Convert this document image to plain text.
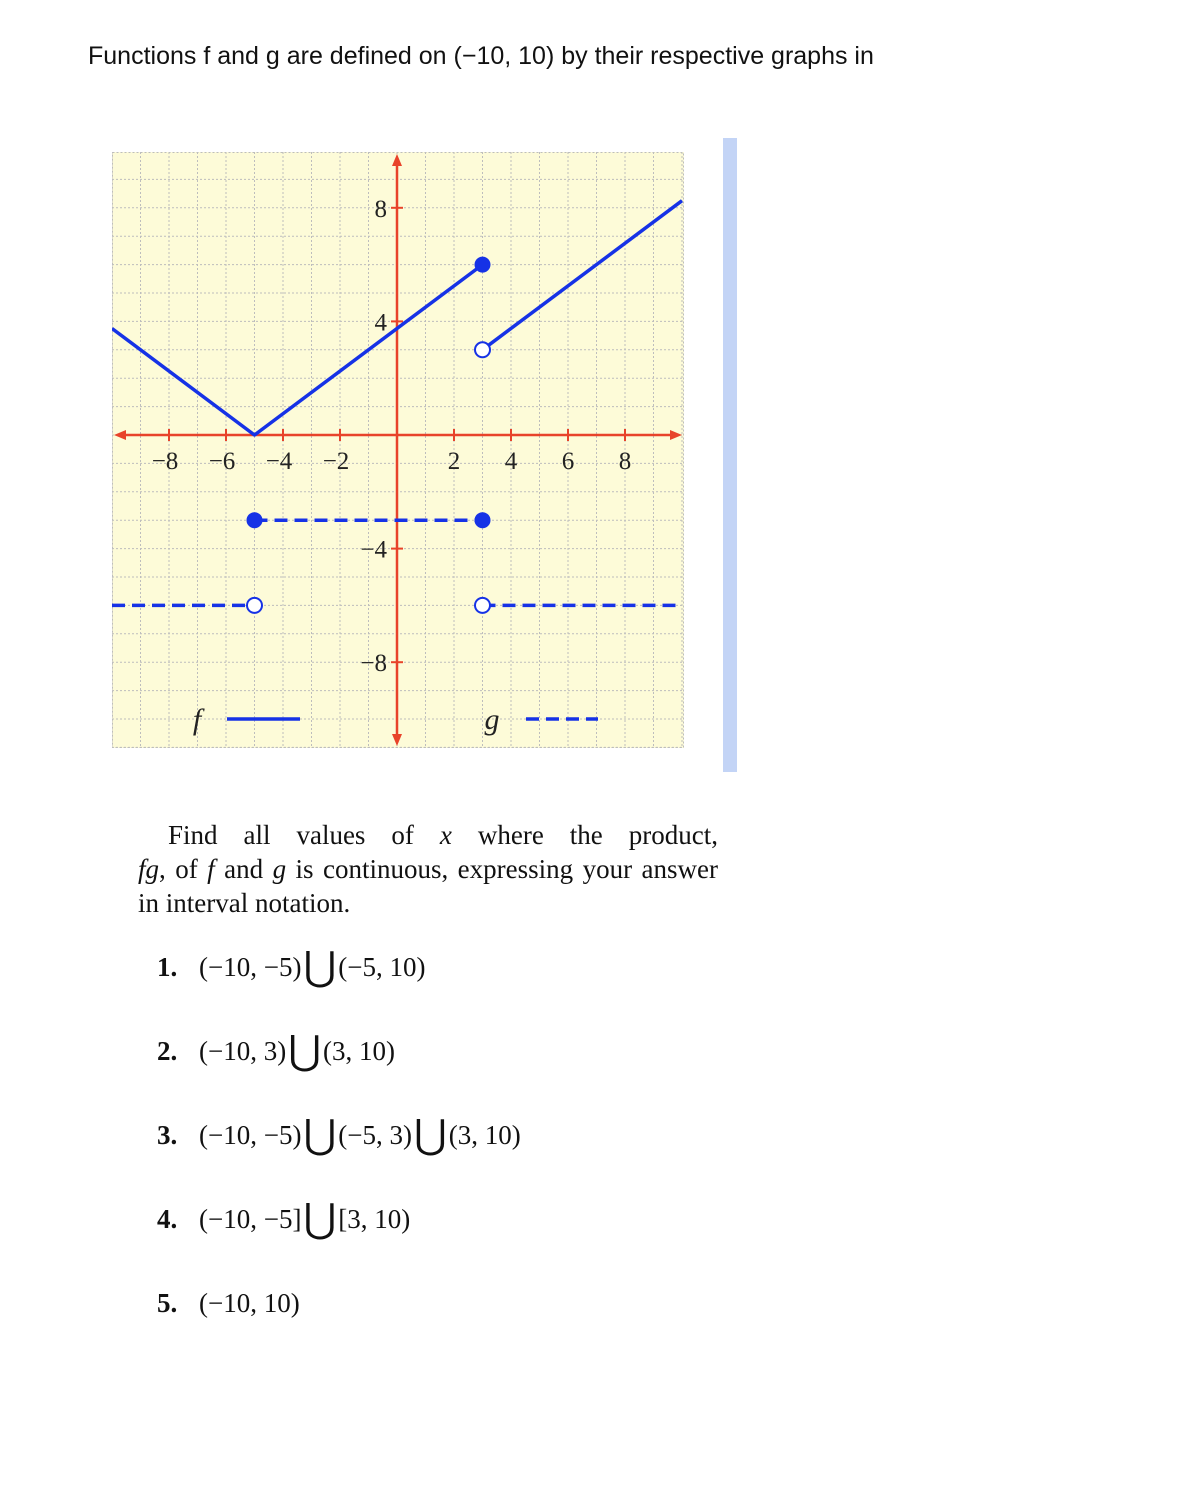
Functions f and g are defined on (−10, 10) by their respective graphs in
−8 −6 −4 −2	2 4 6 8
8
4
−4
−8
f	g
Find all values of x where the product,
fg, of f and g is continuous, expressing your answer in interval notation.
1. (−10, −5)⋃(−5, 10)
2. (−10, 3)⋃(3, 10)
3. (−10, −5)⋃(−5, 3)⋃(3, 10)
4. (−10, −5]⋃[3, 10)
5. (−10, 10)
